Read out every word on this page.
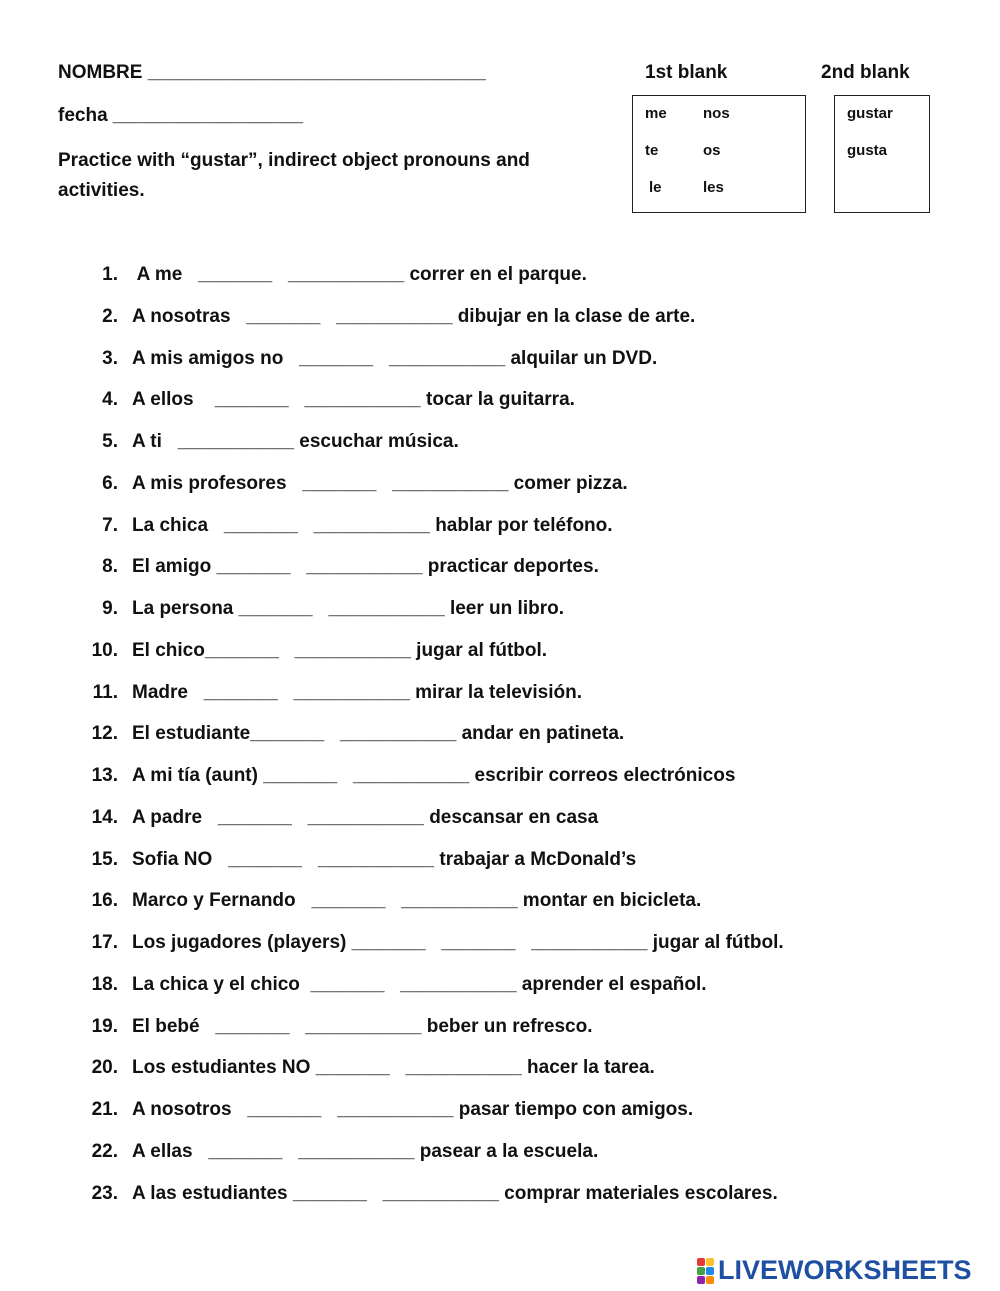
NOMBRE ________________________________
fecha __________________
Practice with “gustar”, indirect object pronouns and activities.
1st blank	2nd blank
me nos
te	os
le	les
gustar
gusta
1. A me   _______   ___________ correr en el parque.
2. A nosotras   _______   ___________ dibujar en la clase de arte.
3. A mis amigos no   _______   ___________ alquilar un DVD.
4. A ellos    _______   ___________ tocar la guitarra.
5. A ti   ___________ escuchar música.
6. A mis profesores   _______   ___________ comer pizza.
7. La chica   _______   ___________ hablar por teléfono.
8. El amigo _______   ___________ practicar deportes.
9. La persona _______   ___________ leer un libro.
10. El chico_______   ___________ jugar al fútbol.
11. Madre   _______   ___________ mirar la televisión.
12. El estudiante_______   ___________ andar en patineta.
13. A mi tía (aunt) _______   ___________ escribir correos electrónicos
14. A padre   _______   ___________ descansar en casa
15. Sofia NO   _______   ___________ trabajar a McDonald’s
16. Marco y Fernando   _______   ___________ montar en bicicleta.
17. Los jugadores (players) _______   _______   ___________ jugar al fútbol.
18. La chica y el chico  _______   ___________ aprender el español.
19. El bebé   _______   ___________ beber un refresco.
20. Los estudiantes NO _______   ___________ hacer la tarea.
21. A nosotros   _______   ___________ pasar tiempo con amigos.
22. A ellas   _______   ___________ pasear a la escuela.
23. A las estudiantes _______   ___________ comprar materiales escolares.
LIVEWORKSHEETS
